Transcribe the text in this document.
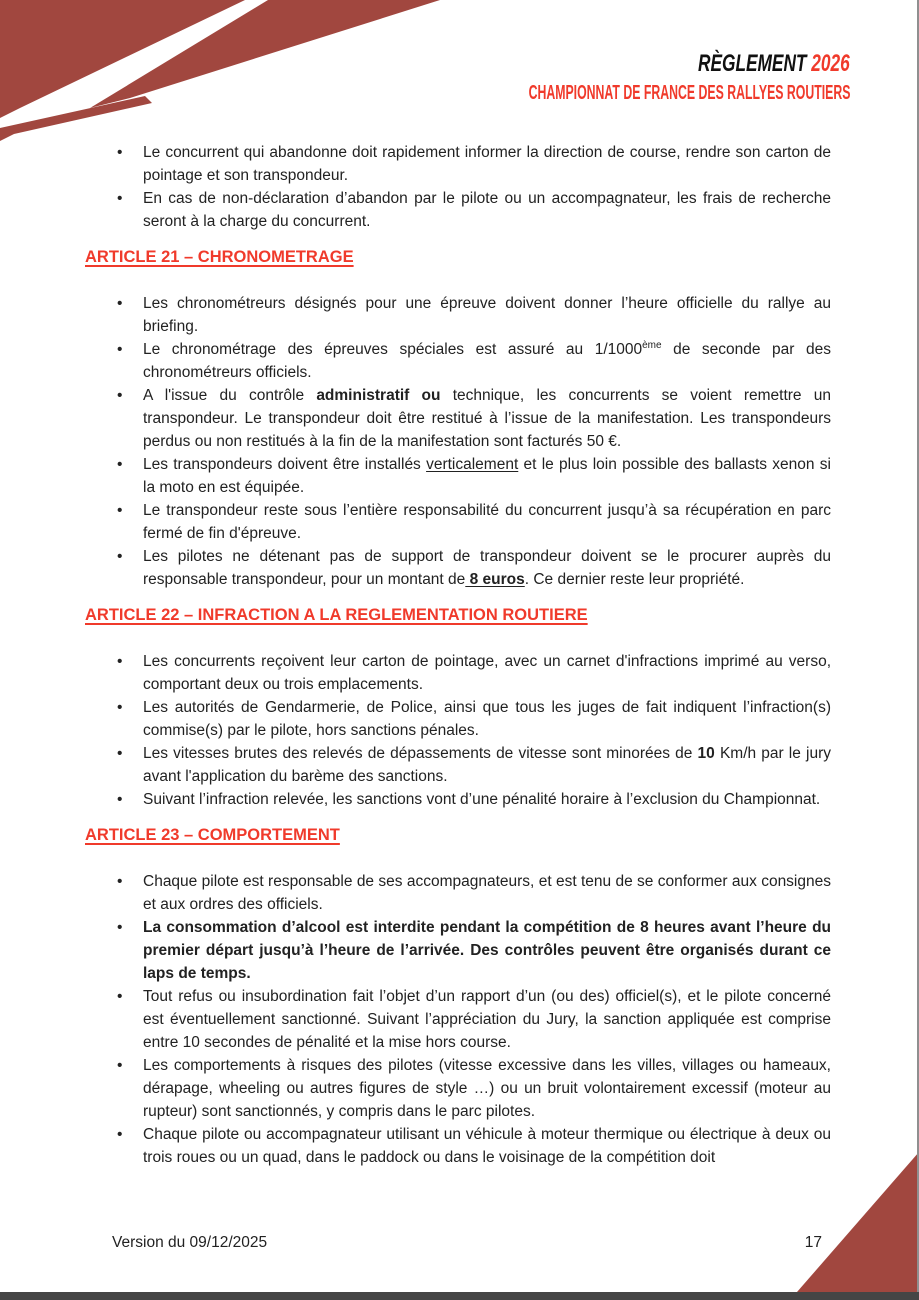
RÈGLEMENT 2026
CHAMPIONNAT DE FRANCE DES RALLYES ROUTIERS
• Le concurrent qui abandonne doit rapidement informer la direction de course, rendre son carton de pointage et son transpondeur.
• En cas de non-déclaration d’abandon par le pilote ou un accompagnateur, les frais de recherche seront à la charge du concurrent.
ARTICLE 21 – CHRONOMETRAGE
• Les chronométreurs désignés pour une épreuve doivent donner l’heure officielle du rallye au briefing.
• Le chronométrage des épreuves spéciales est assuré au 1/1000ème de seconde par des chronométreurs officiels.
• A l'issue du contrôle administratif ou technique, les concurrents se voient remettre un transpondeur. Le transpondeur doit être restitué à l’issue de la manifestation. Les transpondeurs perdus ou non restitués à la fin de la manifestation sont facturés 50 €.
• Les transpondeurs doivent être installés verticalement et le plus loin possible des ballasts xenon si la moto en est équipée.
• Le transpondeur reste sous l’entière responsabilité du concurrent jusqu’à sa récupération en parc fermé de fin d'épreuve.
• Les pilotes ne détenant pas de support de transpondeur doivent se le procurer auprès du responsable transpondeur, pour un montant de 8 euros. Ce dernier reste leur propriété.
ARTICLE 22 – INFRACTION A LA REGLEMENTATION ROUTIERE
• Les concurrents reçoivent leur carton de pointage, avec un carnet d'infractions imprimé au verso, comportant deux ou trois emplacements.
• Les autorités de Gendarmerie, de Police, ainsi que tous les juges de fait indiquent l’infraction(s) commise(s) par le pilote, hors sanctions pénales.
• Les vitesses brutes des relevés de dépassements de vitesse sont minorées de 10 Km/h par le jury avant l'application du barème des sanctions.
• Suivant l’infraction relevée, les sanctions vont d’une pénalité horaire à l’exclusion du Championnat.
ARTICLE 23 – COMPORTEMENT
• Chaque pilote est responsable de ses accompagnateurs, et est tenu de se conformer aux consignes et aux ordres des officiels.
• La consommation d’alcool est interdite pendant la compétition de 8 heures avant l’heure du premier départ jusqu’à l’heure de l’arrivée. Des contrôles peuvent être organisés durant ce laps de temps.
• Tout refus ou insubordination fait l’objet d’un rapport d’un (ou des) officiel(s), et le pilote concerné est éventuellement sanctionné. Suivant l’appréciation du Jury, la sanction appliquée est comprise entre 10 secondes de pénalité et la mise hors course.
• Les comportements à risques des pilotes (vitesse excessive dans les villes, villages ou hameaux, dérapage, wheeling ou autres figures de style …) ou un bruit volontairement excessif (moteur au rupteur) sont sanctionnés, y compris dans le parc pilotes.
• Chaque pilote ou accompagnateur utilisant un véhicule à moteur thermique ou électrique à deux ou trois roues ou un quad, dans le paddock ou dans le voisinage de la compétition doit
Version du 09/12/2025	17
